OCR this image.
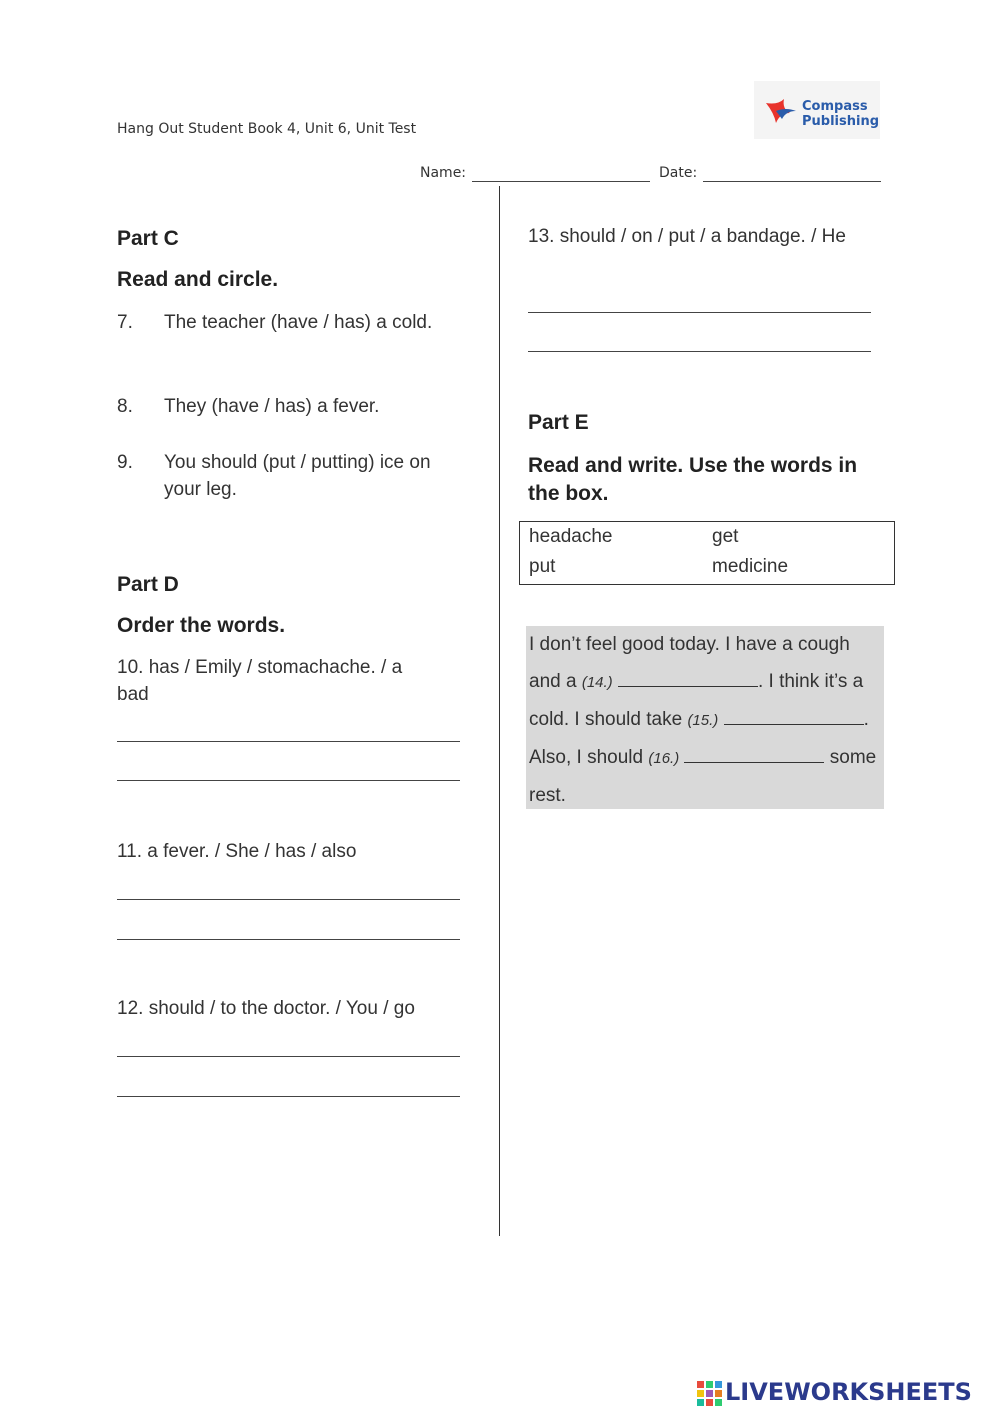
Hang Out Student Book 4, Unit 6, Unit Test
Compass
Publishing
Name:	Date:
Part C
Read and circle.
7. The teacher (have / has) a cold.
8. They (have / has) a fever.
9. You should (put / putting) ice on your leg.
Part D
Order the words.
10. has / Emily / stomachache. / a bad
11. a fever. / She / has / also
12. should / to the doctor. / You / go
13. should / on / put / a bandage. / He
Part E
Read and write. Use the words in the box.
headache	get
put	medicine
I don’t feel good today. I have a cough and a (14.)	. I think it’s a cold. I should take (15.)	. Also, I should (16.)	some rest.
LIVEWORKSHEETS
